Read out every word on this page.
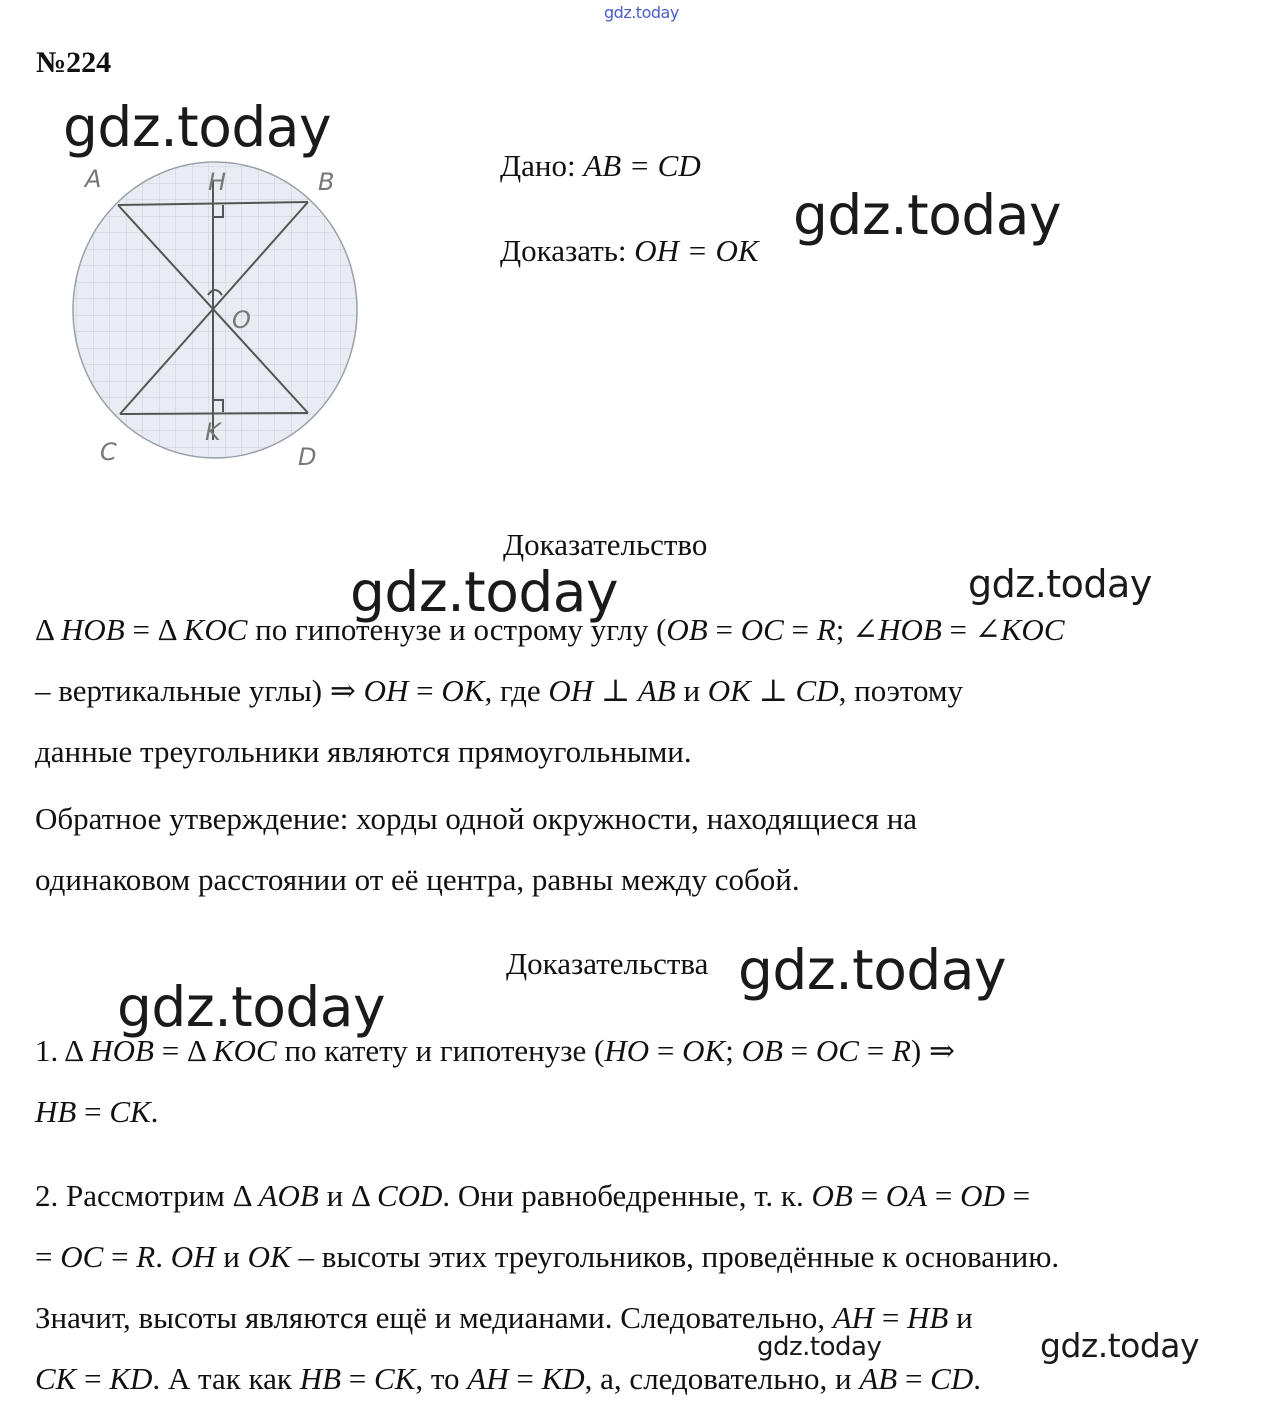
gdz.today
№224
A	H	B
O
K
C	D
Дано: AB = CD
Доказать: OH = OK
Доказательство
Δ HOB = Δ KOC по гипотенузе и острому углу (OB = OC = R; ∠HOB = ∠KOC
– вертикальные углы) ⇒ OH = OK, где OH ⊥ AB и OK ⊥ CD, поэтому
данные треугольники являются прямоугольными.
Обратное утверждение: хорды одной окружности, находящиеся на
одинаковом расстоянии от её центра, равны между собой.
Доказательства
1. Δ HOB = Δ KOC по катету и гипотенузе (HO = OK; OB = OC = R) ⇒
HB = CK.
2. Рассмотрим Δ AOB и Δ COD. Они равнобедренные, т. к. OB = OA = OD =
= OC = R. OH и OK – высоты этих треугольников, проведённые к основанию.
Значит, высоты являются ещё и медианами. Следовательно, AH = HB и
CK = KD. А так как HB = CK, то AH = KD, а, следовательно, и AB = CD.
gdz.today
gdz.today
gdz.today	gdz.today
gdz.today
gdz.today
gdz.today	gdz.today
